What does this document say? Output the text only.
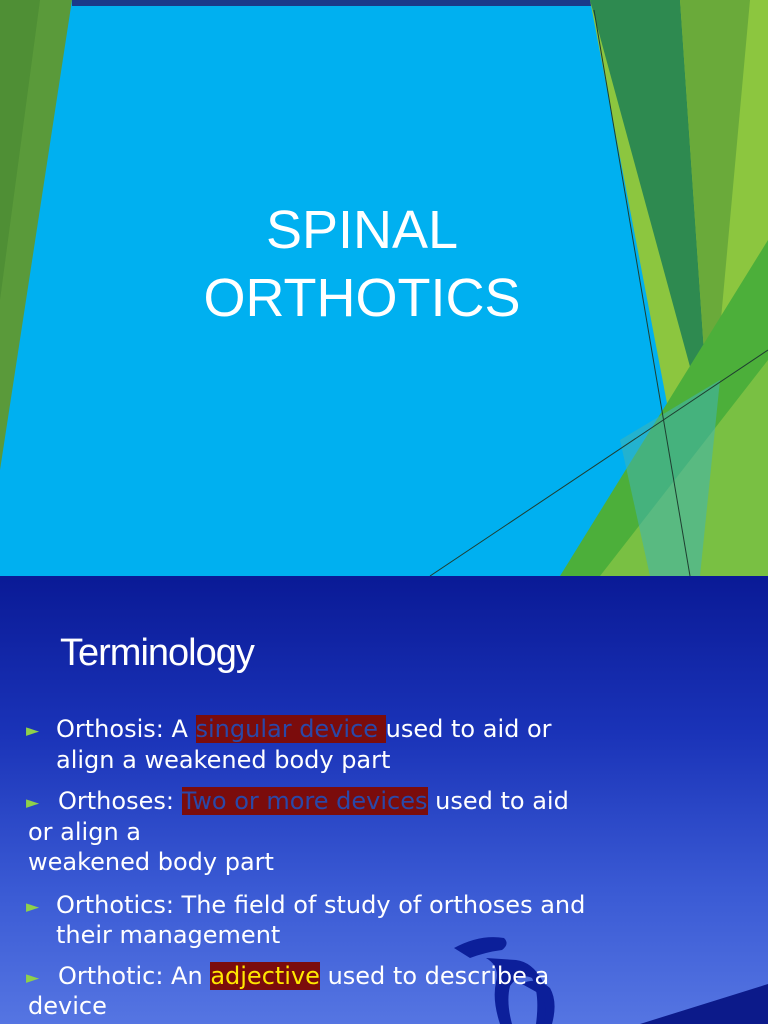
SPINAL
ORTHOTICS
Terminology
► Orthosis: A singular device used to aid or
align a weakened body part
► Orthoses: Two or more devices used to aid
or align a
weakened body part
► Orthotics: The field of study of orthoses and
their management
► Orthotic: An adjective used to describe a
device
